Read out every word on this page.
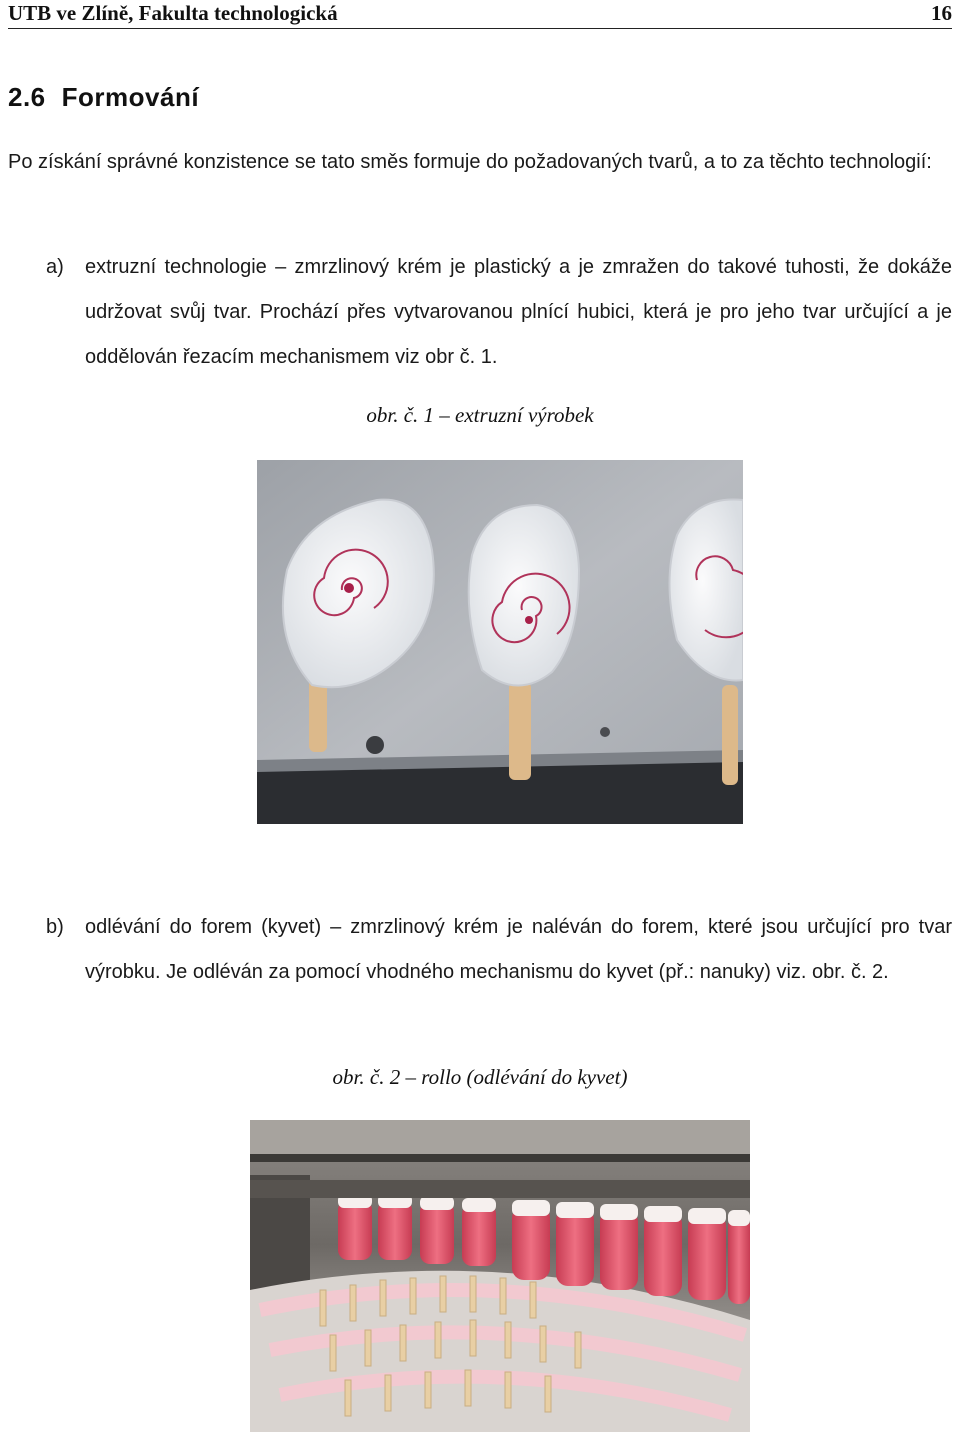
UTB ve Zlíně, Fakulta technologická	16
2.6 Formování
Po získání správné konzistence se tato směs formuje do požadovaných tvarů, a to za těchto technologií:
a) extruzní technologie – zmrzlinový krém je plastický a je zmražen do takové tuhosti, že dokáže udržovat svůj tvar. Prochází přes vytvarovanou plnící hubici, která je pro jeho tvar určující a je oddělován řezacím mechanismem viz obr č. 1.
obr. č. 1 – extruzní výrobek
b) odlévání do forem (kyvet) – zmrzlinový krém je naléván do forem, které jsou určující pro tvar výrobku. Je odléván za pomocí vhodného mechanismu do kyvet (př.: nanuky) viz. obr. č. 2.
obr. č. 2 – rollo (odlévání do kyvet)
